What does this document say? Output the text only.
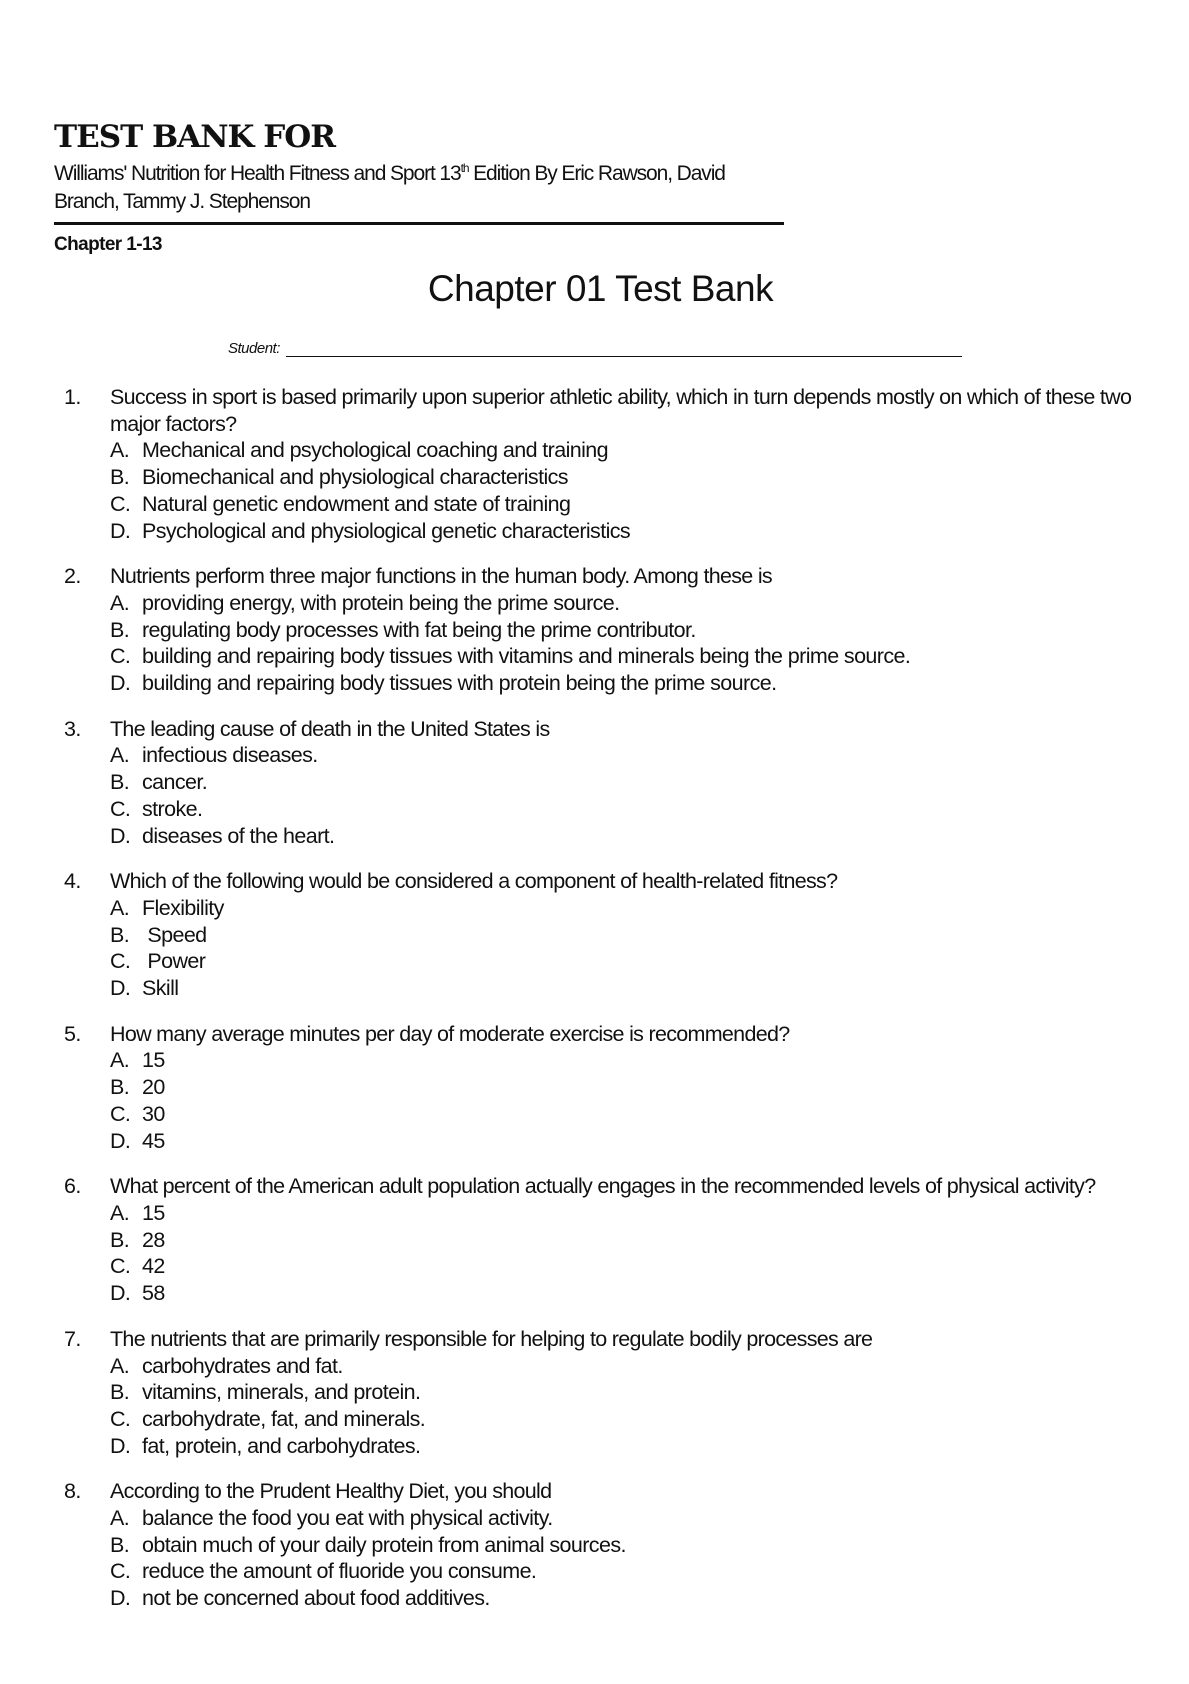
TEST BANK FOR
Williams' Nutrition for Health Fitness and Sport 13th Edition By Eric Rawson, David Branch, Tammy J. Stephenson
Chapter 1-13
Chapter 01 Test Bank
Student:
1.	Success in sport is based primarily upon superior athletic ability, which in turn depends mostly on which of these two major factors?
A. Mechanical and psychological coaching and training
B. Biomechanical and physiological characteristics
C. Natural genetic endowment and state of training
D. Psychological and physiological genetic characteristics
2.	Nutrients perform three major functions in the human body. Among these is
A. providing energy, with protein being the prime source.
B. regulating body processes with fat being the prime contributor.
C. building and repairing body tissues with vitamins and minerals being the prime source.
D. building and repairing body tissues with protein being the prime source.
3.	The leading cause of death in the United States is
A. infectious diseases.
B. cancer.
C. stroke.
D. diseases of the heart.
4.	Which of the following would be considered a component of health-related fitness?
A. Flexibility
B. Speed
C. Power
D. Skill
5.	How many average minutes per day of moderate exercise is recommended?
A. 15
B. 20
C. 30
D. 45
6.	What percent of the American adult population actually engages in the recommended levels of physical activity?
A. 15
B. 28
C. 42
D. 58
7.	The nutrients that are primarily responsible for helping to regulate bodily processes are
A. carbohydrates and fat.
B. vitamins, minerals, and protein.
C. carbohydrate, fat, and minerals.
D. fat, protein, and carbohydrates.
8.	According to the Prudent Healthy Diet, you should
A. balance the food you eat with physical activity.
B. obtain much of your daily protein from animal sources.
C. reduce the amount of fluoride you consume.
D. not be concerned about food additives.
